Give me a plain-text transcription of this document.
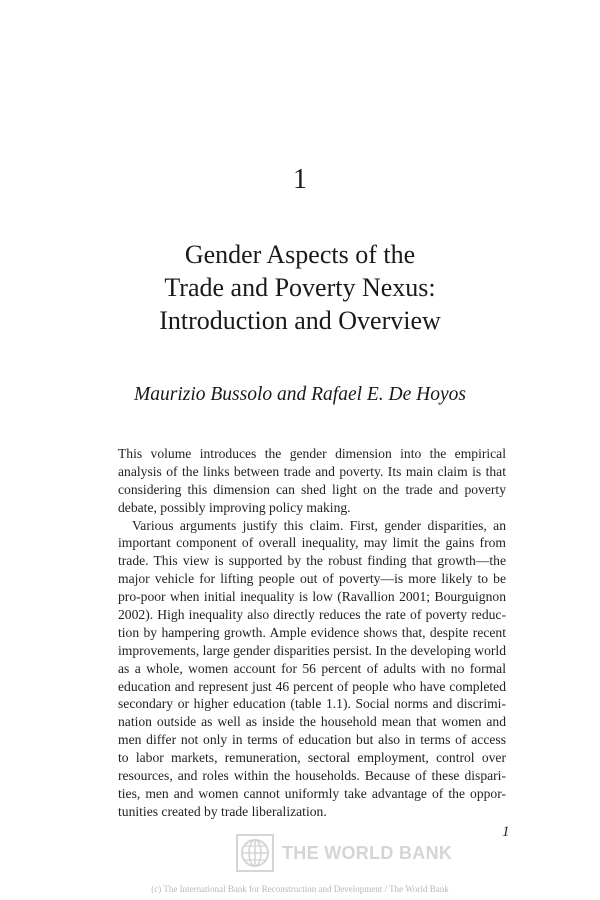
1
Gender Aspects of the
Trade and Poverty Nexus:
Introduction and Overview
Maurizio Bussolo and Rafael E. De Hoyos
This volume introduces the gender dimension into the empirical
analysis of the links between trade and poverty. Its main claim is that
considering this dimension can shed light on the trade and poverty
debate, possibly improving policy making.
Various arguments justify this claim. First, gender disparities, an
important component of overall inequality, may limit the gains from
trade. This view is supported by the robust finding that growth—the
major vehicle for lifting people out of poverty—is more likely to be
pro-poor when initial inequality is low (Ravallion 2001; Bourguignon
2002). High inequality also directly reduces the rate of poverty reduc-
tion by hampering growth. Ample evidence shows that, despite recent
improvements, large gender disparities persist. In the developing world
as a whole, women account for 56 percent of adults with no formal
education and represent just 46 percent of people who have completed
secondary or higher education (table 1.1). Social norms and discrimi-
nation outside as well as inside the household mean that women and
men differ not only in terms of education but also in terms of access
to labor markets, remuneration, sectoral employment, control over
resources, and roles within the households. Because of these dispari-
ties, men and women cannot uniformly take advantage of the oppor-
tunities created by trade liberalization.
1
THE WORLD BANK
(c) The International Bank for Reconstruction and Development / The World Bank
